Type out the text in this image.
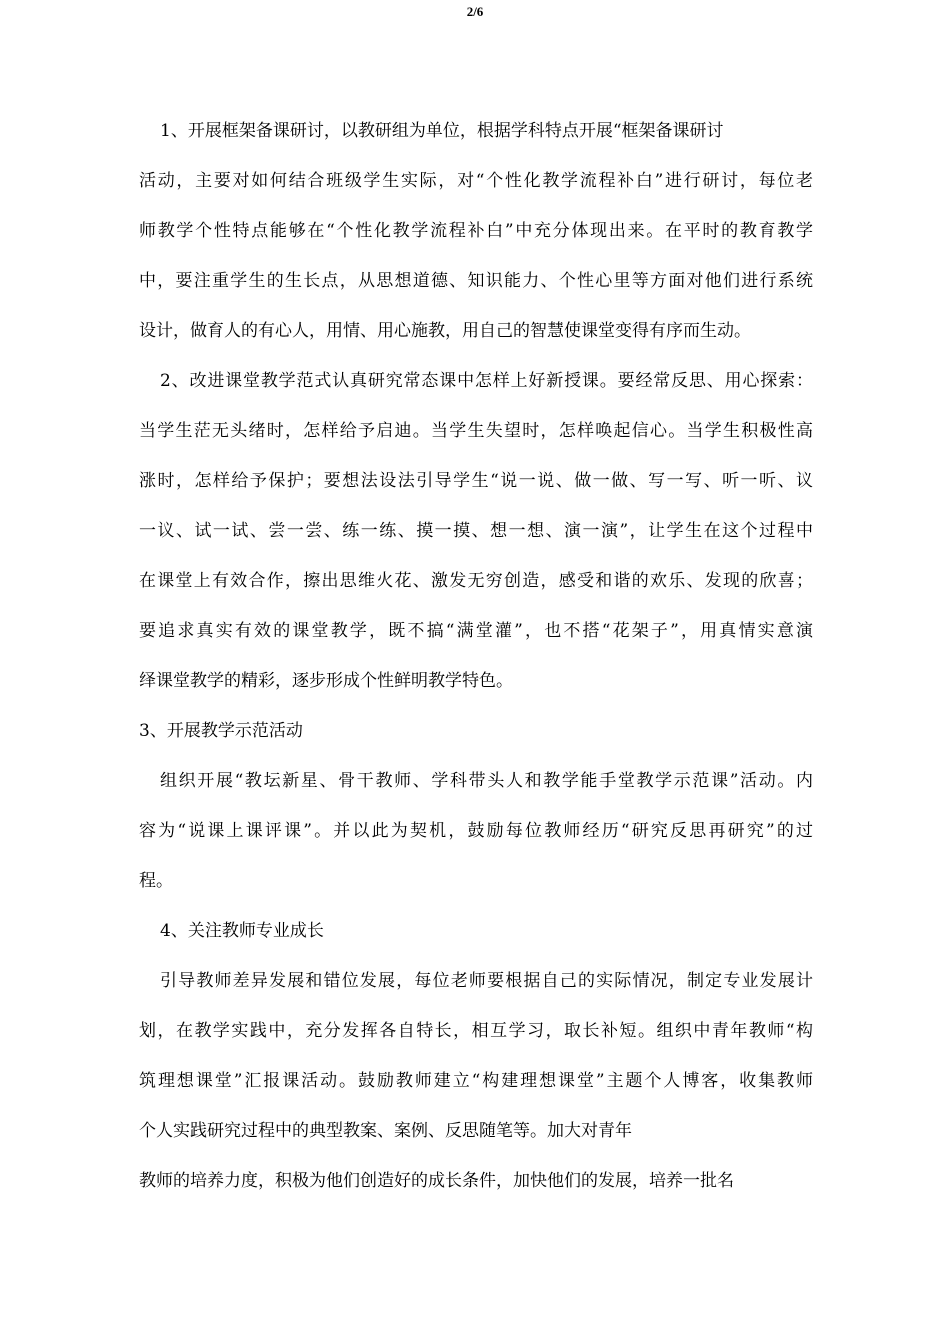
2/6
1、开展框架备课研讨，以教研组为单位，根据学科特点开展“框架备课研讨
活动，主要对如何结合班级学生实际，对“个性化教学流程补白”进行研讨，每位老
师教学个性特点能够在“个性化教学流程补白”中充分体现出来。在平时的教育教学
中，要注重学生的生长点，从思想道德、知识能力、个性心里等方面对他们进行系统
设计，做育人的有心人，用情、用心施教，用自己的智慧使课堂变得有序而生动。
2、改进课堂教学范式认真研究常态课中怎样上好新授课。要经常反思、用心探索：
当学生茫无头绪时，怎样给予启迪。当学生失望时，怎样唤起信心。当学生积极性高
涨时，怎样给予保护；要想法设法引导学生“说一说、做一做、写一写、听一听、议
一议、试一试、尝一尝、练一练、摸一摸、想一想、演一演”，让学生在这个过程中
在课堂上有效合作，擦出思维火花、激发无穷创造，感受和谐的欢乐、发现的欣喜；
要追求真实有效的课堂教学，既不搞“满堂灌”，也不搭“花架子”，用真情实意演
绎课堂教学的精彩，逐步形成个性鲜明教学特色。
3、开展教学示范活动
组织开展“教坛新星、骨干教师、学科带头人和教学能手堂教学示范课”活动。内
容为“说课上课评课”。并以此为契机，鼓励每位教师经历“研究反思再研究”的过
程。
4、关注教师专业成长
引导教师差异发展和错位发展，每位老师要根据自己的实际情况，制定专业发展计
划，在教学实践中，充分发挥各自特长，相互学习，取长补短。组织中青年教师“构
筑理想课堂”汇报课活动。鼓励教师建立“构建理想课堂”主题个人博客，收集教师
个人实践研究过程中的典型教案、案例、反思随笔等。加大对青年
教师的培养力度，积极为他们创造好的成长条件，加快他们的发展，培养一批名
